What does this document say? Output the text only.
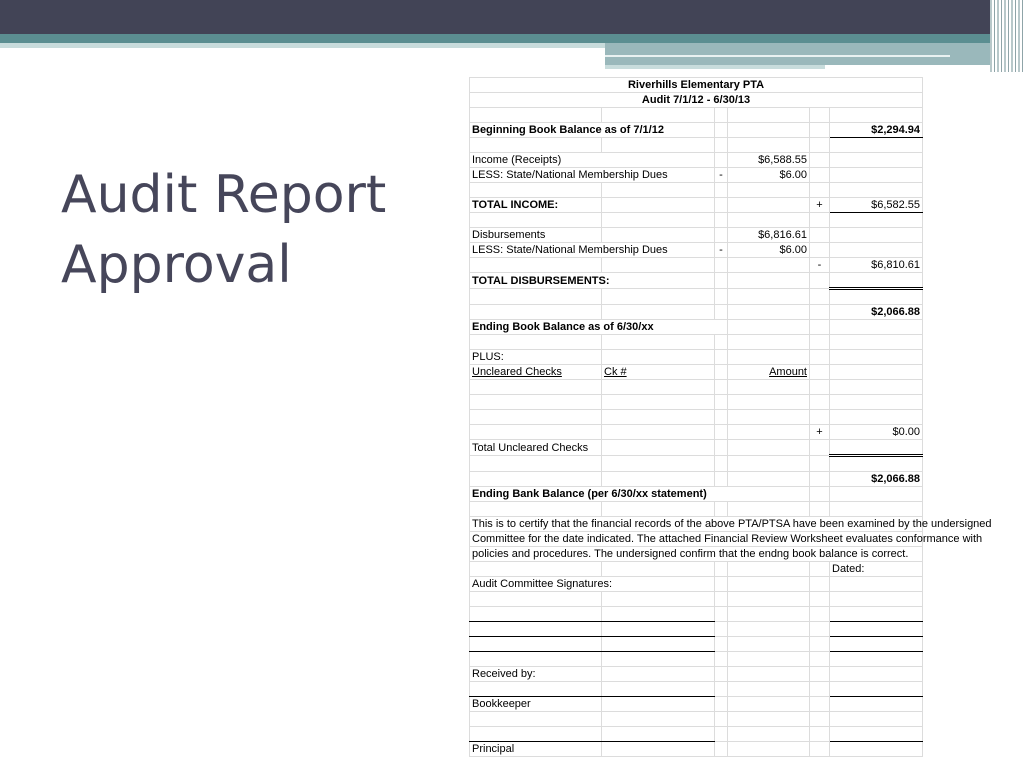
Audit Report
Approval
Riverhills Elementary PTA					
Audit 7/1/12 - 6/30/13					

Beginning Book Balance as of 7/1/12					$2,294.94

Income (Receipts)			$6,588.55		
LESS: State/National Membership Dues		-	$6.00		

TOTAL INCOME:				+	$6,582.55

Disbursements			$6,816.61		
LESS: State/National Membership Dues		-	$6.00		
				-	$6,810.61
TOTAL DISBURSEMENTS:					

					$2,066.88
Ending Book Balance as of 6/30/xx					

PLUS:					
Uncleared Checks	Ck #		Amount		

				+	$0.00
Total Uncleared Checks					

					$2,066.88
Ending Bank Balance (per 6/30/xx statement)					

This is to certify that the financial records of the above PTA/PTSA have been examined by the undersigned					
Committee for the date indicated. The attached Financial Review Worksheet evaluates conformance with					
policies and procedures. The undersigned confirm that the endng book balance is correct.					
					Dated:
Audit Committee Signatures:					

Received by:					

Bookkeeper					

Principal					
